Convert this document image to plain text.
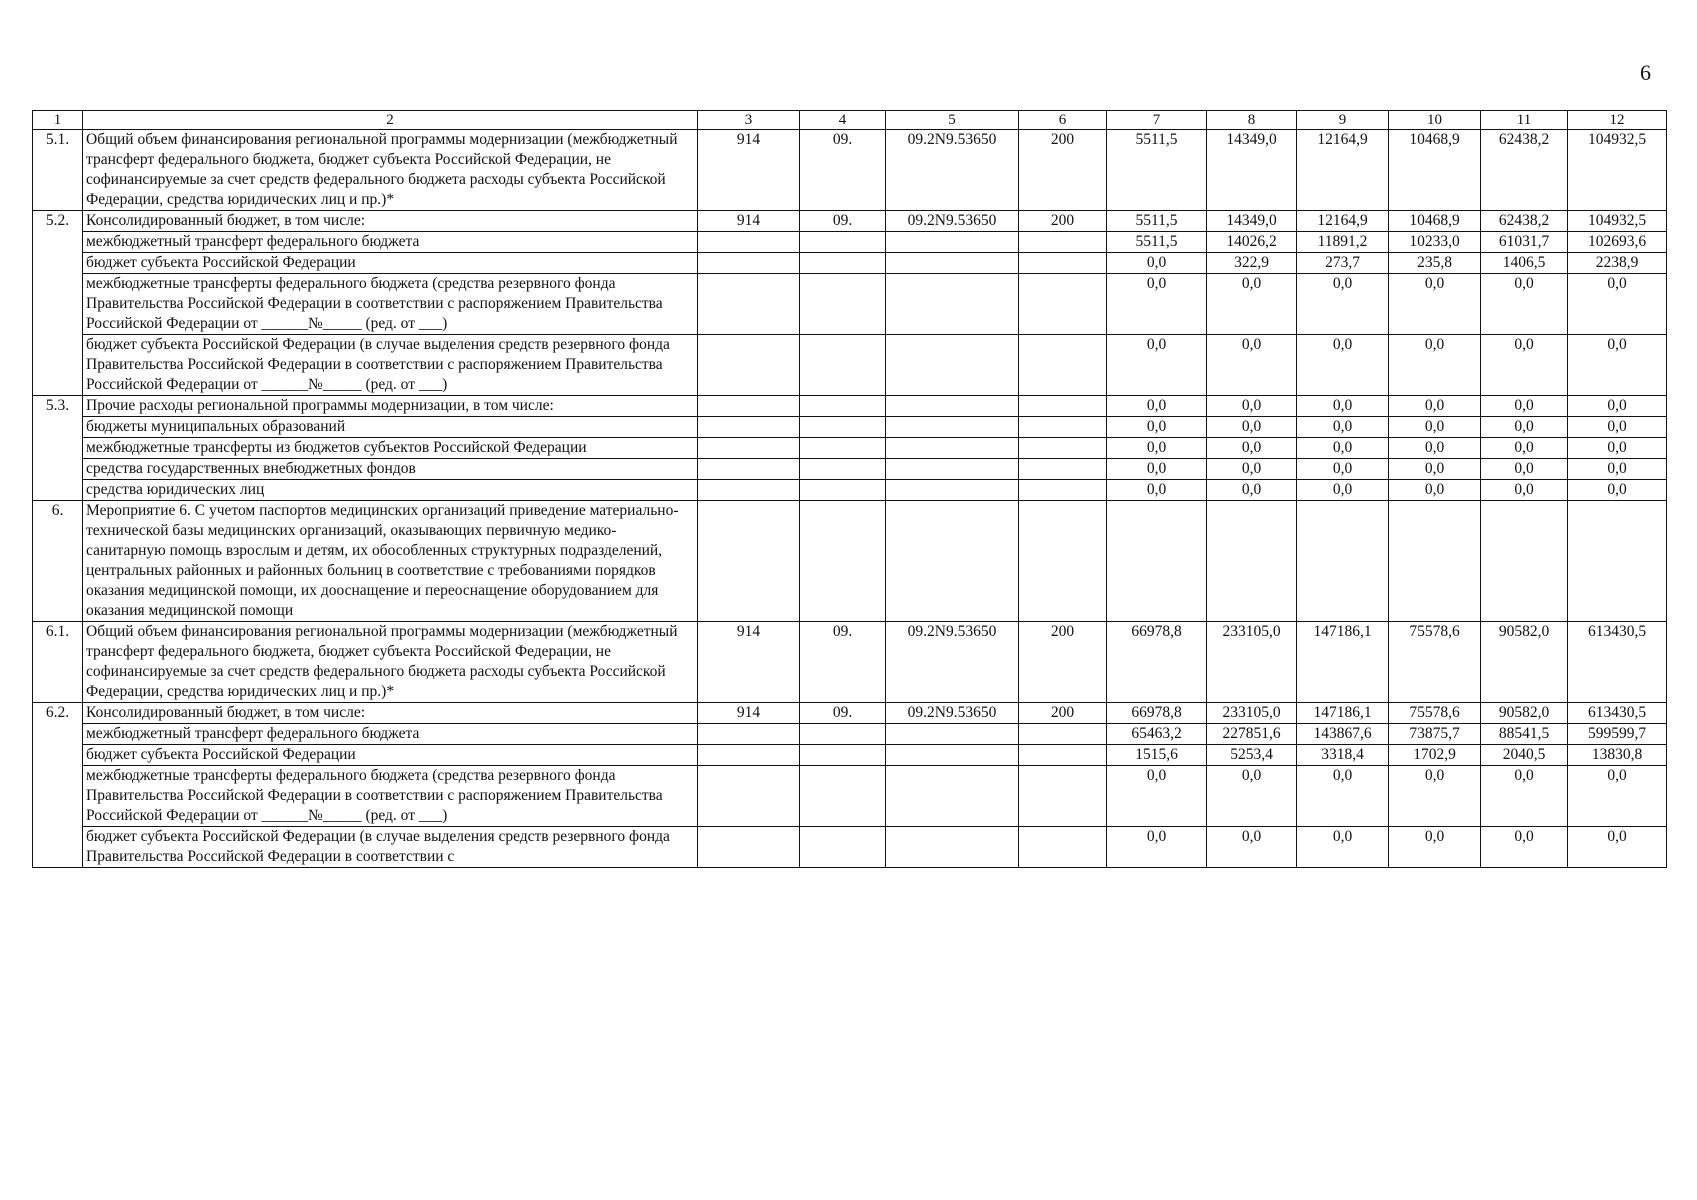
6
1	2	3	4	5	6	7	8	9	10	11	12
5.1.	Общий объем финансирования региональной программы модернизации (межбюджетный трансферт федерального бюджета, бюджет субъекта Российской Федерации, не софинансируемые за счет средств федерального бюджета расходы субъекта Российской Федерации, средства юридических лиц и пр.)*	914	09.	09.2N9.53650	200	5511,5	14349,0	12164,9	10468,9	62438,2	104932,5
5.2.	Консолидированный бюджет, в том числе:	914	09.	09.2N9.53650	200	5511,5	14349,0	12164,9	10468,9	62438,2	104932,5
	межбюджетный трансферт федерального бюджета					5511,5	14026,2	11891,2	10233,0	61031,7	102693,6
	бюджет субъекта Российской Федерации					0,0	322,9	273,7	235,8	1406,5	2238,9
	межбюджетные трансферты федерального бюджета (средства резервного фонда Правительства Российской Федерации в соответствии с распоряжением Правительства Российской Федерации от ______№_____ (ред. от ___)					0,0	0,0	0,0	0,0	0,0	0,0
	бюджет субъекта Российской Федерации (в случае выделения средств резервного фонда Правительства Российской Федерации в соответствии с распоряжением Правительства Российской Федерации от ______№_____ (ред. от ___)					0,0	0,0	0,0	0,0	0,0	0,0
5.3.	Прочие расходы региональной программы модернизации, в том числе:					0,0	0,0	0,0	0,0	0,0	0,0
	бюджеты муниципальных образований					0,0	0,0	0,0	0,0	0,0	0,0
	межбюджетные трансферты из бюджетов субъектов Российской Федерации					0,0	0,0	0,0	0,0	0,0	0,0
	средства государственных внебюджетных фондов					0,0	0,0	0,0	0,0	0,0	0,0
	средства юридических лиц					0,0	0,0	0,0	0,0	0,0	0,0
6.	Мероприятие 6. С учетом паспортов медицинских организаций приведение материально-технической базы медицинских организаций, оказывающих первичную медико-санитарную помощь взрослым и детям, их обособленных структурных подразделений, центральных районных и районных больниц в соответствие с требованиями порядков оказания медицинской помощи, их дооснащение и переоснащение оборудованием для оказания медицинской помощи										
6.1.	Общий объем финансирования региональной программы модернизации (межбюджетный трансферт федерального бюджета, бюджет субъекта Российской Федерации, не софинансируемые за счет средств федерального бюджета расходы субъекта Российской Федерации, средства юридических лиц и пр.)*	914	09.	09.2N9.53650	200	66978,8	233105,0	147186,1	75578,6	90582,0	613430,5
6.2.	Консолидированный бюджет, в том числе:	914	09.	09.2N9.53650	200	66978,8	233105,0	147186,1	75578,6	90582,0	613430,5
	межбюджетный трансферт федерального бюджета					65463,2	227851,6	143867,6	73875,7	88541,5	599599,7
	бюджет субъекта Российской Федерации					1515,6	5253,4	3318,4	1702,9	2040,5	13830,8
	межбюджетные трансферты федерального бюджета (средства резервного фонда Правительства Российской Федерации в соответствии с распоряжением Правительства Российской Федерации от ______№_____ (ред. от ___)					0,0	0,0	0,0	0,0	0,0	0,0
	бюджет субъекта Российской Федерации (в случае выделения средств резервного фонда Правительства Российской Федерации в соответствии с					0,0	0,0	0,0	0,0	0,0	0,0
